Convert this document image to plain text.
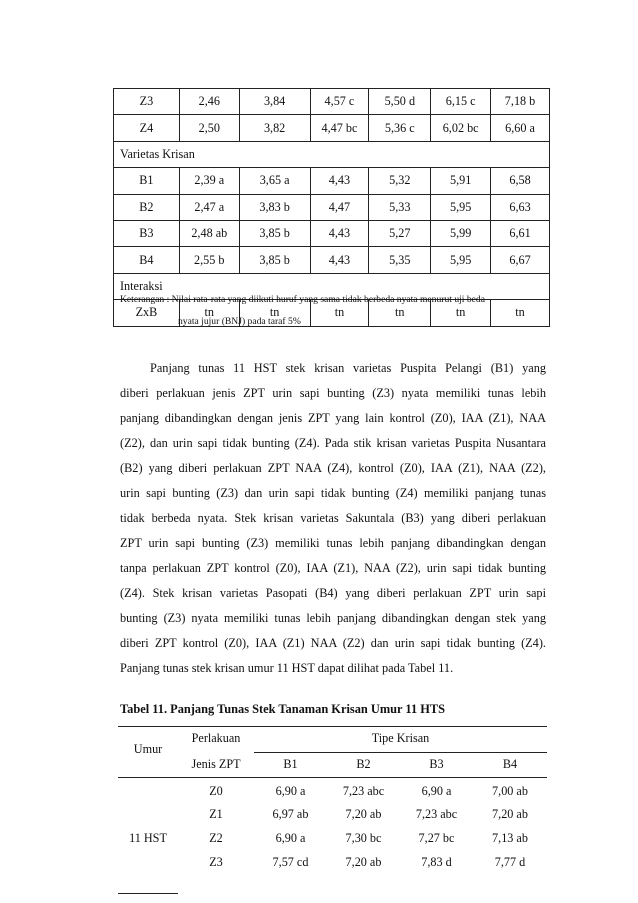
Z3	2,46	3,84	4,57 c	5,50 d	6,15 c	7,18 b
Z4	2,50	3,82	4,47 bc	5,36 c	6,02 bc	6,60 a
Varietas Krisan						
B1	2,39 a	3,65 a	4,43	5,32	5,91	6,58
B2	2,47 a	3,83 b	4,47	5,33	5,95	6,63
B3	2,48 ab	3,85 b	4,43	5,27	5,99	6,61
B4	2,55 b	3,85 b	4,43	5,35	5,95	6,67
Interaksi						
ZxB	tn	tn	tn	tn	tn	tn
Keterangan : Nilai rata-rata yang diikuti huruf yang sama tidak berbeda nyata menurut uji beda
nyata jujur (BNJ) pada taraf 5%
Panjang tunas 11 HST stek krisan varietas Puspita Pelangi (B1) yang
diberi perlakuan jenis ZPT urin sapi bunting (Z3) nyata memiliki tunas lebih
panjang dibandingkan dengan jenis ZPT yang lain kontrol (Z0), IAA (Z1), NAA
(Z2), dan urin sapi tidak bunting (Z4). Pada stik krisan varietas Puspita Nusantara
(B2) yang diberi perlakuan ZPT NAA (Z4), kontrol (Z0), IAA (Z1), NAA (Z2),
urin sapi bunting (Z3) dan urin sapi tidak bunting (Z4) memiliki panjang tunas
tidak berbeda nyata. Stek krisan varietas Sakuntala (B3) yang diberi perlakuan
ZPT urin sapi bunting (Z3) memiliki tunas lebih panjang dibandingkan dengan
tanpa perlakuan ZPT kontrol (Z0), IAA (Z1), NAA (Z2), urin sapi tidak bunting
(Z4). Stek krisan varietas Pasopati (B4) yang diberi perlakuan ZPT urin sapi
bunting (Z3) nyata memiliki tunas lebih panjang dibandingkan dengan stek yang
diberi ZPT kontrol (Z0), IAA (Z1) NAA (Z2) dan urin sapi tidak bunting (Z4).
Panjang tunas stek krisan umur 11 HST dapat dilihat pada Tabel 11.
Tabel 11. Panjang Tunas Stek Tanaman Krisan Umur 11 HTS
Umur
Perlakuan
Jenis ZPT
Tipe Krisan
B1	B2	B3	B4
11 HST
Z0	6,90 a	7,23 abc	6,90 a	7,00 ab
Z1	6,97 ab	7,20 ab	7,23 abc	7,20 ab
Z2	6,90 a	7,30 bc	7,27 bc	7,13 ab
Z3	7,57 cd	7,20 ab	7,83 d	7,77 d
